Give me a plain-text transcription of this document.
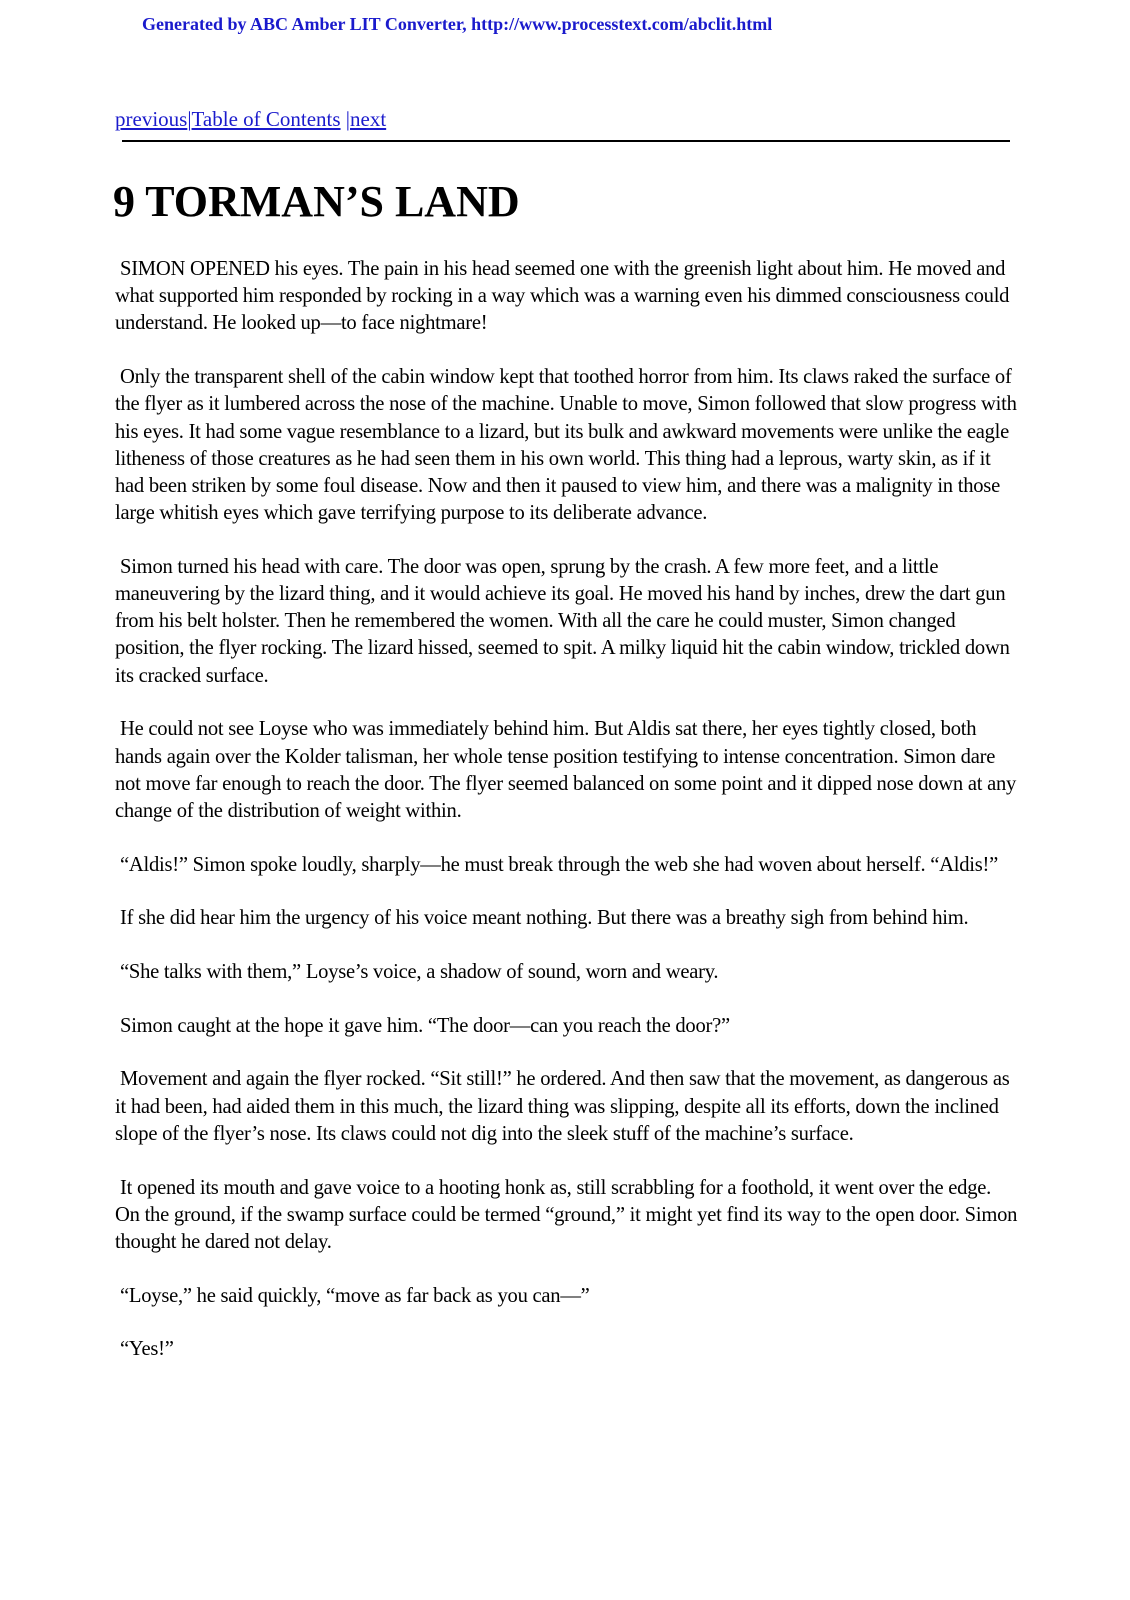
Generated by ABC Amber LIT Converter, http://www.processtext.com/abclit.html
previous|Table of Contents |next
9 TORMAN’S LAND

SIMON OPENED his eyes. The pain in his head seemed one with the greenish light about him. He moved and what supported him responded by rocking in a way which was a warning even his dimmed consciousness could understand. He looked up—to face nightmare!

Only the transparent shell of the cabin window kept that toothed horror from him. Its claws raked the surface of the flyer as it lumbered across the nose of the machine. Unable to move, Simon followed that slow progress with his eyes. It had some vague resemblance to a lizard, but its bulk and awkward movements were unlike the eagle litheness of those creatures as he had seen them in his own world. This thing had a leprous, warty skin, as if it had been striken by some foul disease. Now and then it paused to view him, and there was a malignity in those large whitish eyes which gave terrifying purpose to its deliberate advance.

Simon turned his head with care. The door was open, sprung by the crash. A few more feet, and a little maneuvering by the lizard thing, and it would achieve its goal. He moved his hand by inches, drew the dart gun from his belt holster. Then he remembered the women. With all the care he could muster, Simon changed position, the flyer rocking. The lizard hissed, seemed to spit. A milky liquid hit the cabin window, trickled down its cracked surface.

He could not see Loyse who was immediately behind him. But Aldis sat there, her eyes tightly closed, both hands again over the Kolder talisman, her whole tense position testifying to intense concentration. Simon dare not move far enough to reach the door. The flyer seemed balanced on some point and it dipped nose down at any change of the distribution of weight within.

“Aldis!” Simon spoke loudly, sharply—he must break through the web she had woven about herself. “Aldis!”

If she did hear him the urgency of his voice meant nothing. But there was a breathy sigh from behind him.

“She talks with them,” Loyse’s voice, a shadow of sound, worn and weary.

Simon caught at the hope it gave him. “The door—can you reach the door?”

Movement and again the flyer rocked. “Sit still!” he ordered. And then saw that the movement, as dangerous as it had been, had aided them in this much, the lizard thing was slipping, despite all its efforts, down the inclined slope of the flyer’s nose. Its claws could not dig into the sleek stuff of the machine’s surface.

It opened its mouth and gave voice to a hooting honk as, still scrabbling for a foothold, it went over the edge. On the ground, if the swamp surface could be termed “ground,” it might yet find its way to the open door. Simon thought he dared not delay.

“Loyse,” he said quickly, “move as far back as you can—”

“Yes!”
